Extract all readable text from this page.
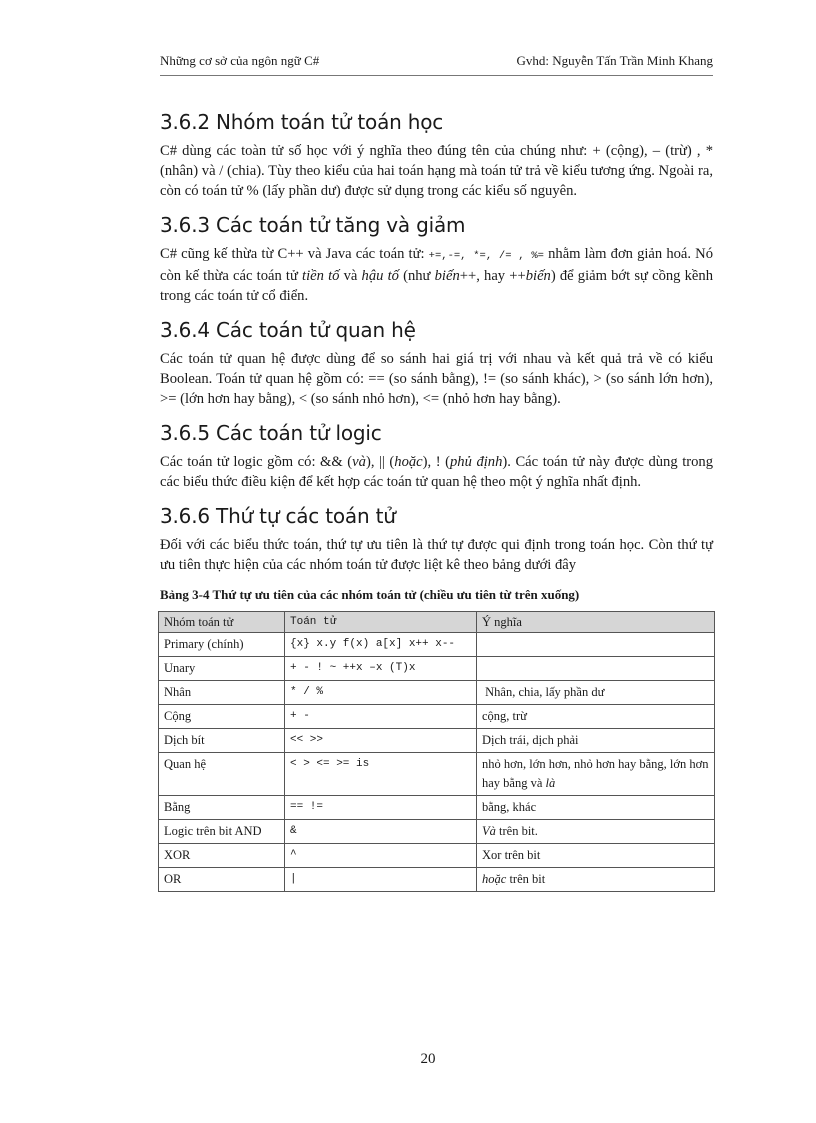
Những cơ sở của ngôn ngữ C#	Gvhd: Nguyễn Tấn Trần Minh Khang
3.6.2 Nhóm toán tử toán học

C# dùng các toàn tử số học với ý nghĩa theo đúng tên của chúng như: + (cộng), – (trừ) , * (nhân) và / (chia). Tùy theo kiểu của hai toán hạng mà toán tử trả về kiểu tương ứng. Ngoài ra, còn có toán tử % (lấy phần dư) được sử dụng trong các kiểu số nguyên.

3.6.3 Các toán tử tăng và giảm

C# cũng kế thừa từ C++ và Java các toán tử: +=,-=, *=, /= , %= nhằm làm đơn giản hoá. Nó còn kế thừa các toán tử tiền tố và hậu tố (như biến++, hay ++biến) để giảm bớt sự cồng kềnh trong các toán tử cổ điển.

3.6.4 Các toán tử quan hệ

Các toán tử quan hệ được dùng để so sánh hai giá trị với nhau và kết quả trả về có kiểu Boolean. Toán tử quan hệ gồm có: == (so sánh bằng), != (so sánh khác), > (so sánh lớn hơn), >= (lớn hơn hay bằng), < (so sánh nhỏ hơn), <= (nhỏ hơn hay bằng).

3.6.5 Các toán tử logic

Các toán tử logic gồm có: && (và), || (hoặc), ! (phủ định). Các toán tử này được dùng trong các biểu thức điều kiện để kết hợp các toán tử quan hệ theo một ý nghĩa nhất định.

3.6.6 Thứ tự các toán tử

Đối với các biểu thức toán, thứ tự ưu tiên là thứ tự được qui định trong toán học. Còn thứ tự ưu tiên thực hiện của các nhóm toán tử được liệt kê theo bảng dưới đây

Bảng 3-4 Thứ tự ưu tiên của các nhóm toán tử (chiều ưu tiên từ trên xuống)
Nhóm toán tử	Toán tử	Ý nghĩa
Primary (chính)	{x} x.y f(x) a[x] x++ x--	
Unary	+ - ! ~ ++x –x (T)x	
Nhân	* / %	Nhân, chia, lấy phần dư
Cộng	+ -	cộng, trừ
Dịch bít	<< >>	Dịch trái, dịch phải
Quan hệ	< > <= >= is	nhỏ hơn, lớn hơn, nhỏ hơn hay bằng, lớn hơn hay bằng và là
Bằng	== !=	bằng, khác
Logic trên bit AND	&	Và trên bit.
XOR	^	Xor trên bit
OR	|	hoặc trên bit
20
